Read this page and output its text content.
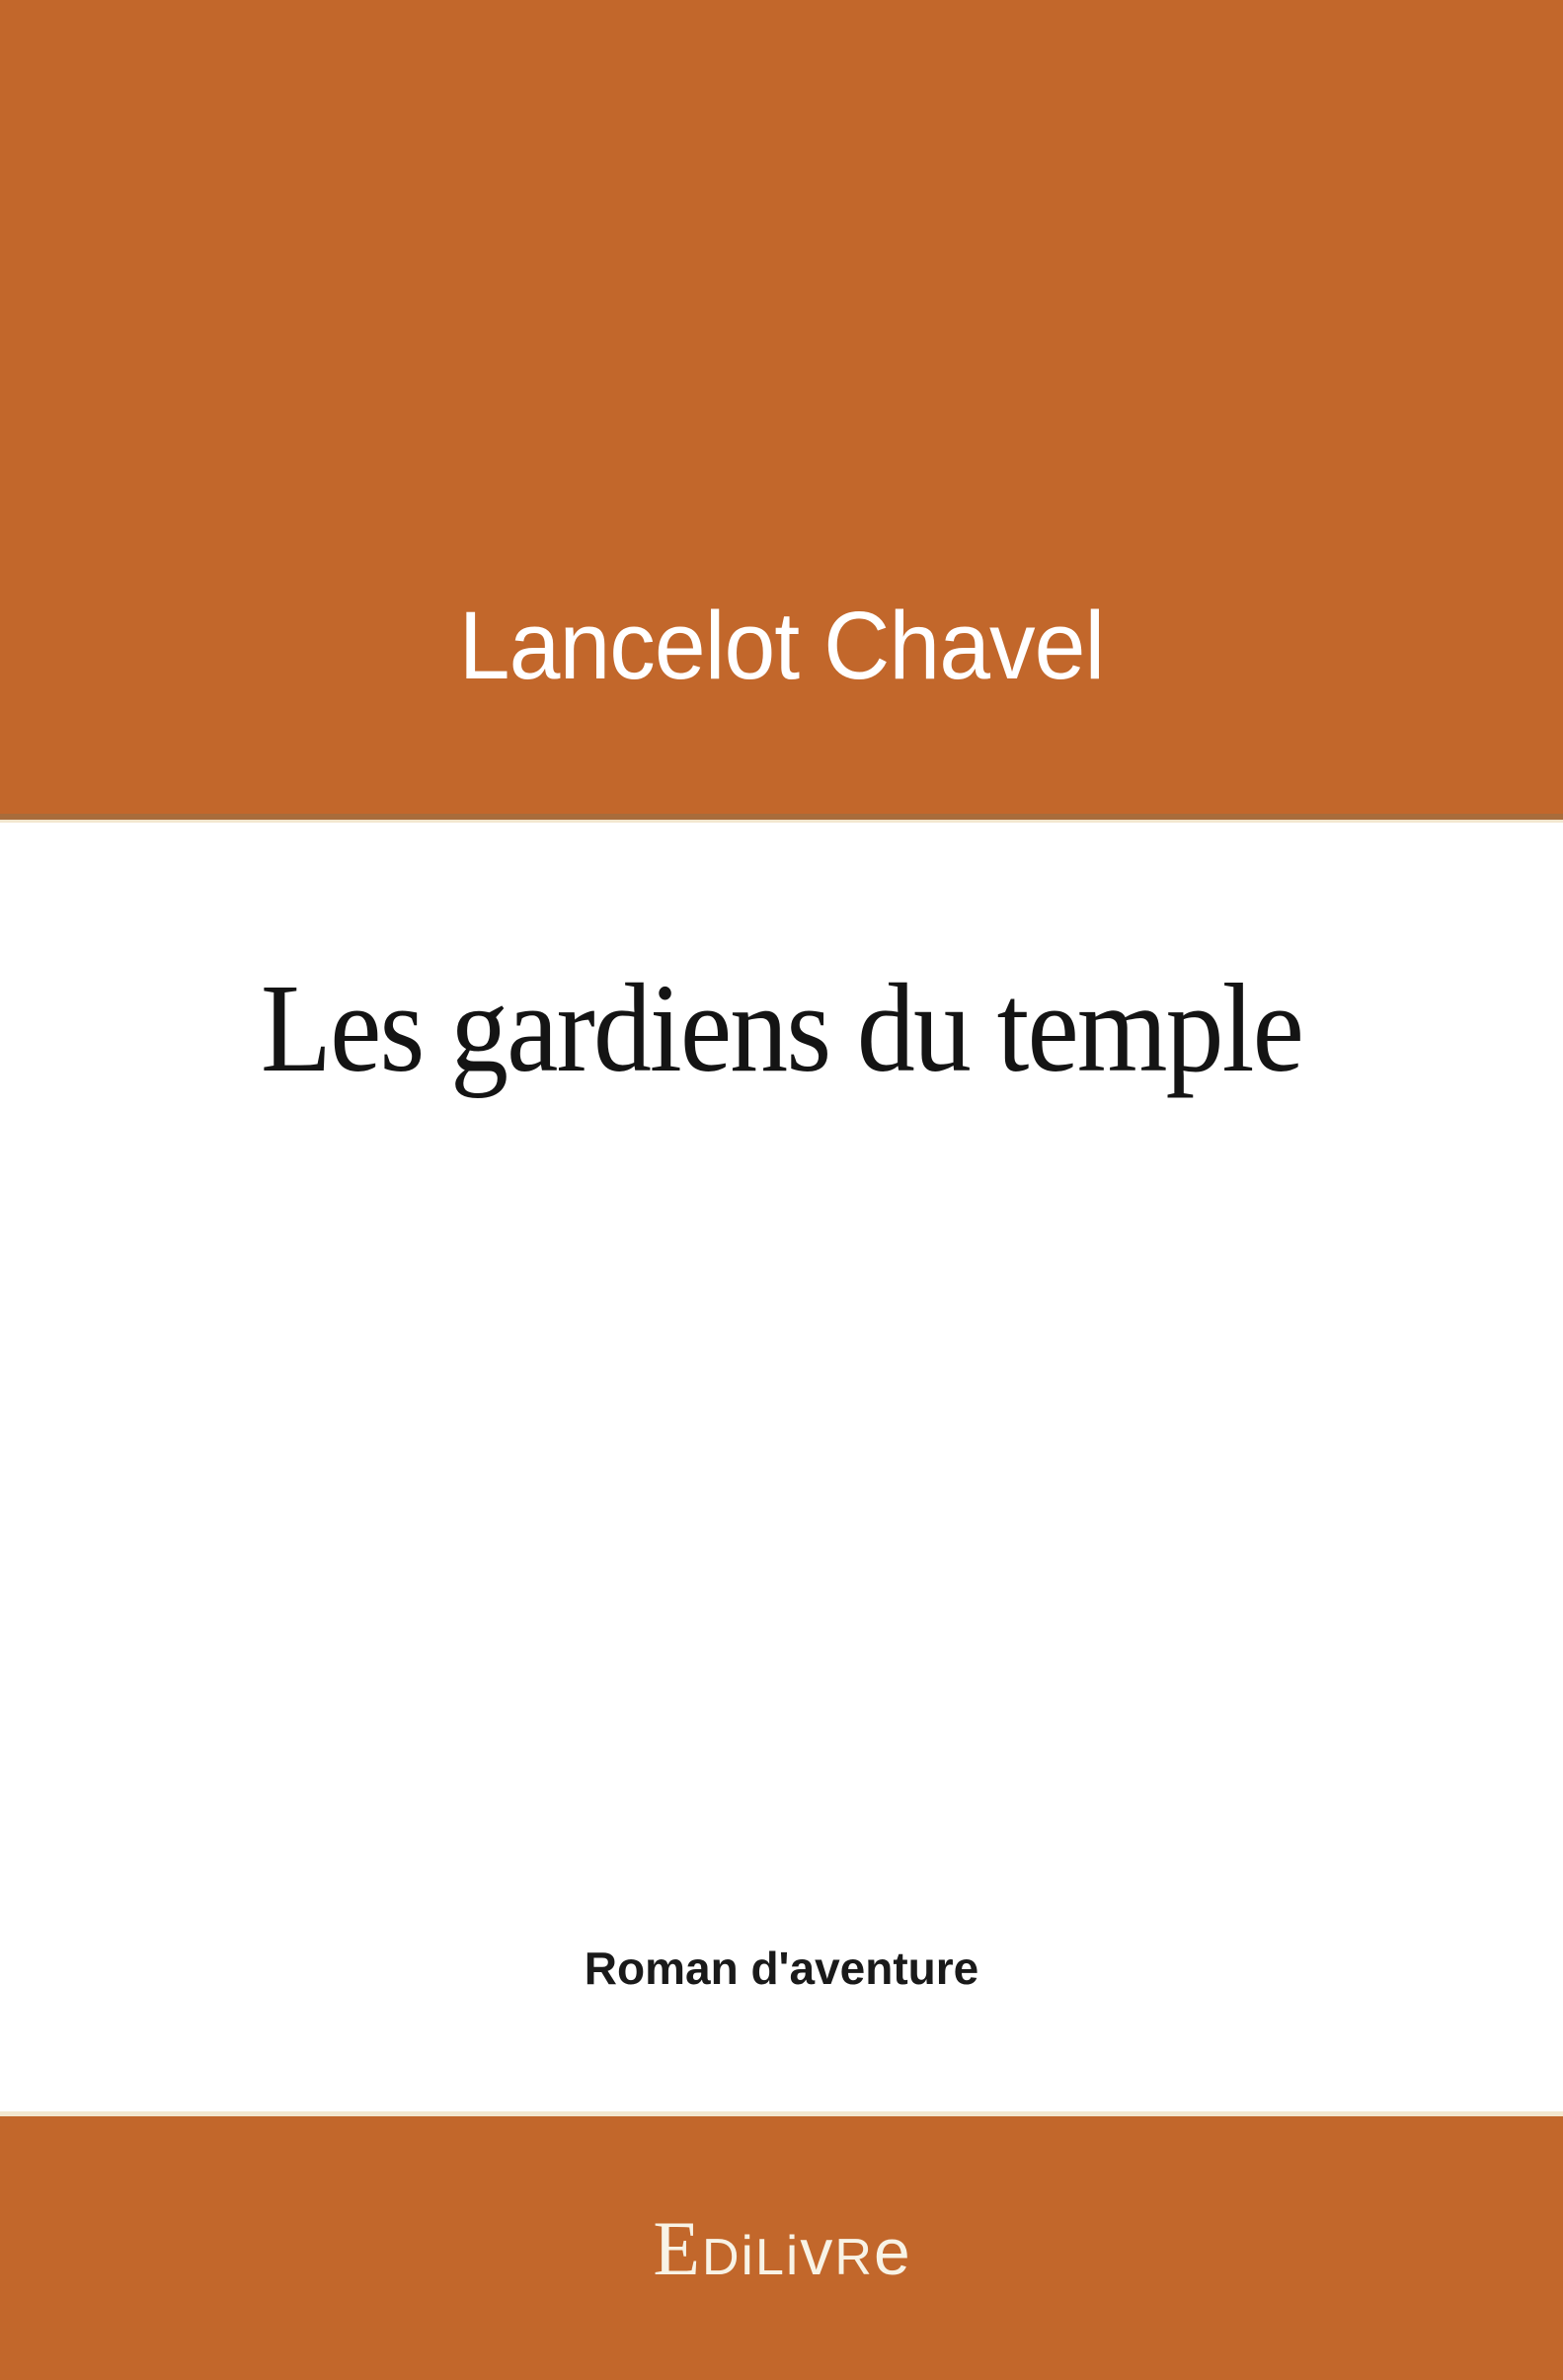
Lancelot Chavel
Les gardiens du temple
Roman d'aventure
E D i L i v R e
